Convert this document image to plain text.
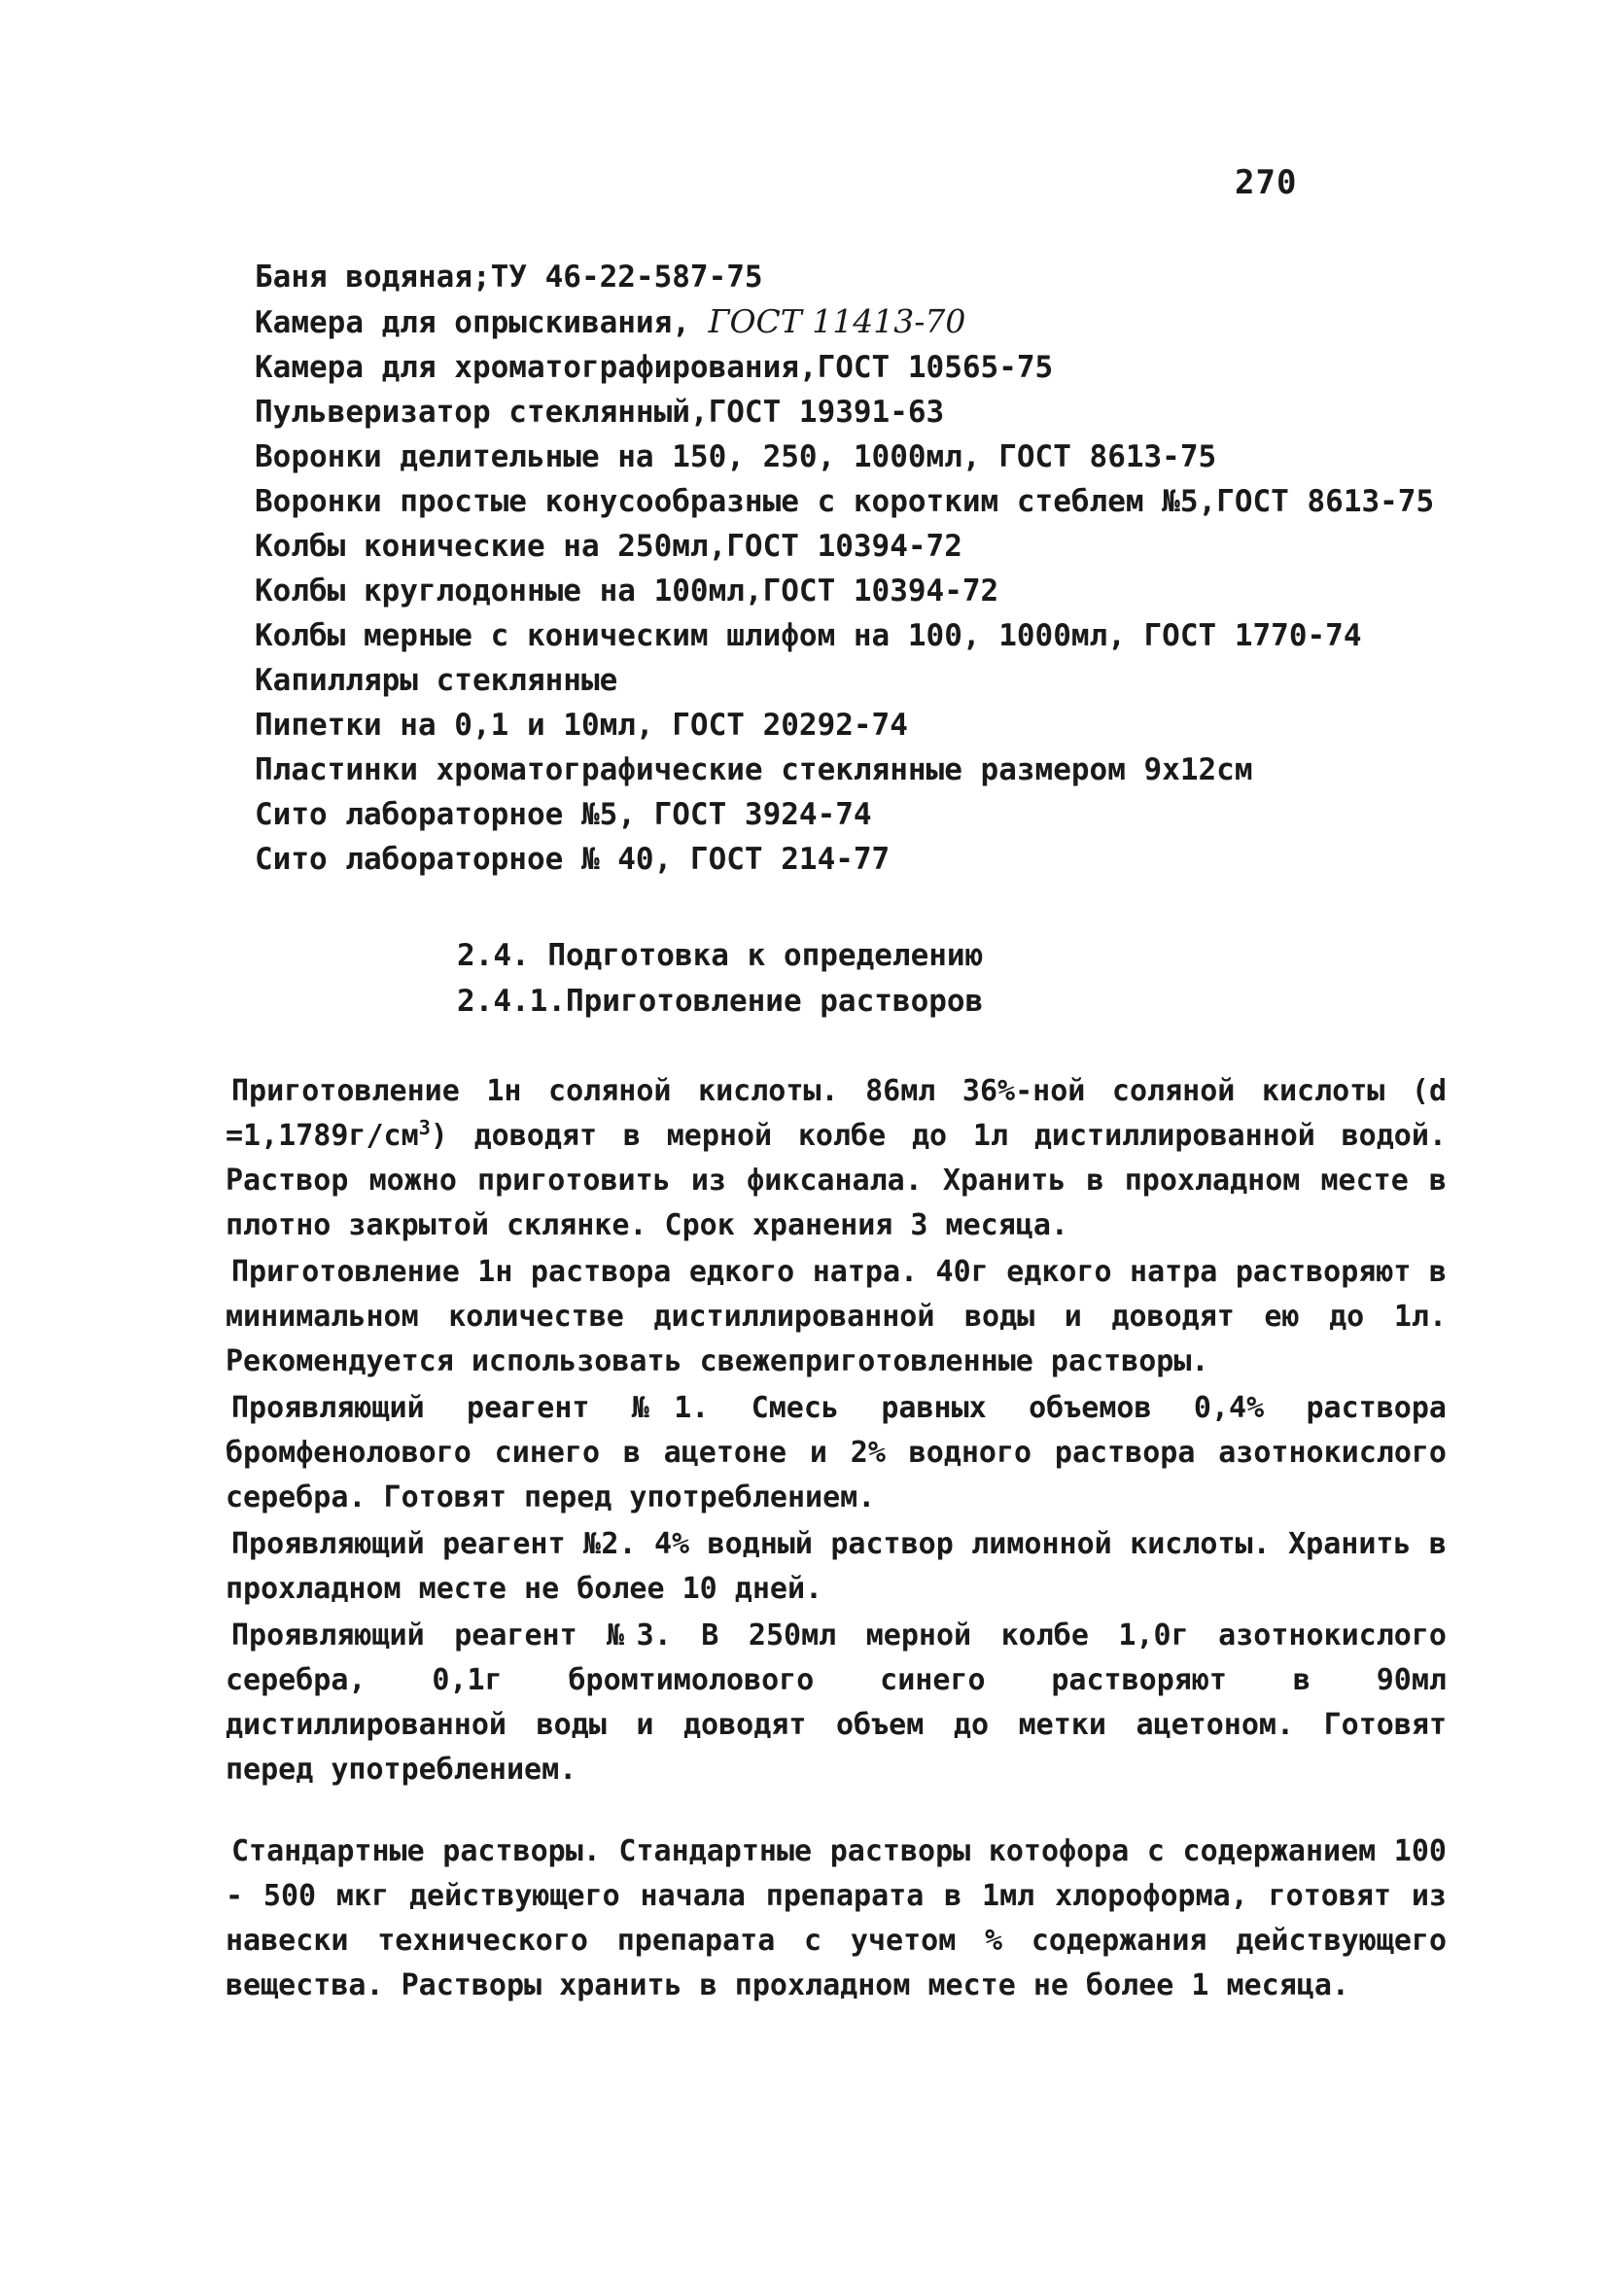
270
Баня водяная;ТУ 46-22-587-75
Камера для опрыскивания, ГОСТ 11413-70
Камера для хроматографирования,ГОСТ 10565-75
Пульверизатор стеклянный,ГОСТ 19391-63
Воронки делительные на 150, 250, 1000мл, ГОСТ 8613-75
Воронки простые конусообразные с коротким стеблем №5,ГОСТ 8613-75
Колбы конические на 250мл,ГОСТ 10394-72
Колбы круглодонные на 100мл,ГОСТ 10394-72
Колбы мерные с коническим шлифом на 100, 1000мл, ГОСТ 1770-74
Капилляры стеклянные
Пипетки на 0,1 и 10мл, ГОСТ 20292-74
Пластинки хроматографические стеклянные размером 9х12см
Сито лабораторное №5, ГОСТ 3924-74
Сито лабораторное № 40, ГОСТ 214-77
2.4. Подготовка к определению
2.4.1.Приготовление растворов

Приготовление 1н соляной кислоты. 86мл 36%-ной соляной кислоты $(d =1,1789г/см^3)$ доводят в мерной колбе до 1л дистиллированной водой. Раствор можно приготовить из фиксанала. Хранить в прохладном месте в плотно закрытой склянке. Срок хранения 3 месяца.

Приготовление 1н раствора едкого натра. 40г едкого натра растворяют в минимальном количестве дистиллированной воды и доводят ею до 1л. Рекомендуется использовать свежеприготовленные растворы.

Проявляющий реагент №1. Смесь равных объемов 0,4% раствора бромфенолового синего в ацетоне и 2% водного раствора азотнокислого серебра. Готовят перед употреблением.

Проявляющий реагент №2. 4% водный раствор лимонной кислоты. Хранить в прохладном месте не более 10 дней.

Проявляющий реагент №3. В 250мл мерной колбе 1,0г азотнокислого серебра, 0,1г бромтимолового синего растворяют в 90мл дистиллированной воды и доводят объем до метки ацетоном. Готовят перед употреблением.

Стандартные растворы. Стандартные растворы котофора с содержанием 100 - 500 мкг действующего начала препарата в 1мл хлороформа, готовят из навески технического препарата с учетом % содержания действующего вещества. Растворы хранить в прохладном месте не более 1 месяца.
